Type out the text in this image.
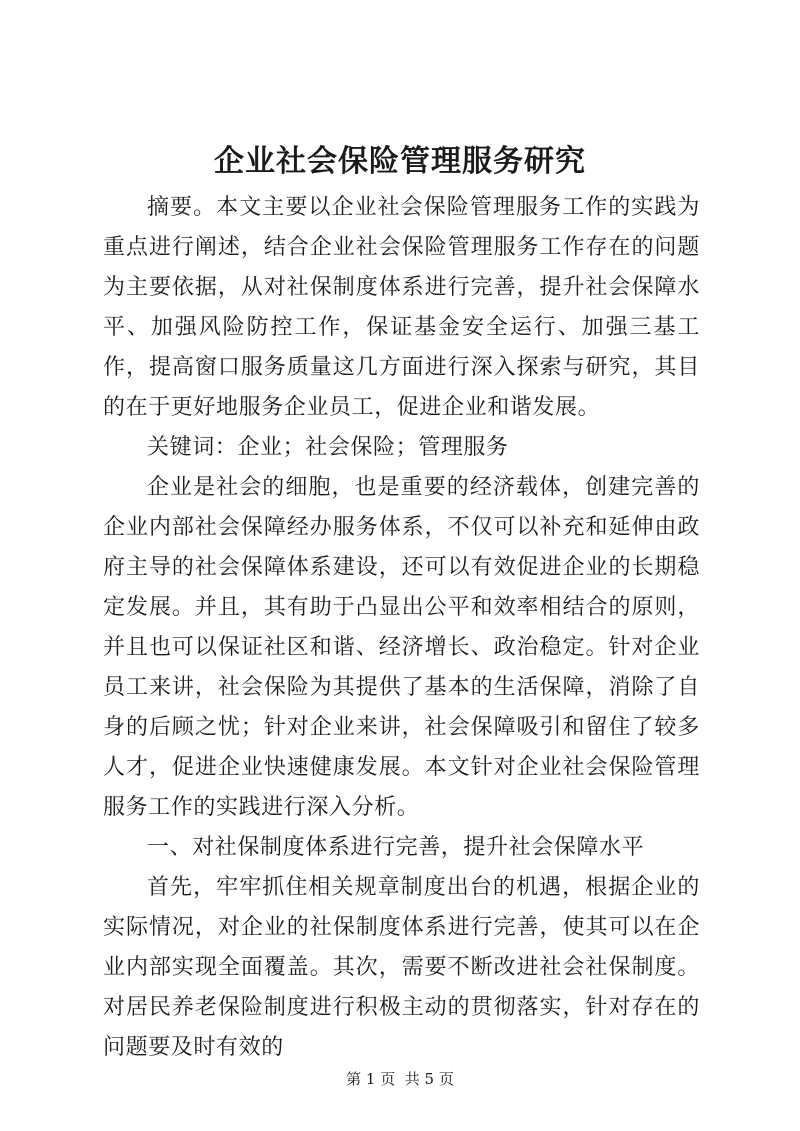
企业社会保险管理服务研究

摘要。本文主要以企业社会保险管理服务工作的实践为重点进行阐述，结合企业社会保险管理服务工作存在的问题为主要依据，从对社保制度体系进行完善，提升社会保障水平、加强风险防控工作，保证基金安全运行、加强三基工作，提高窗口服务质量这几方面进行深入探索与研究，其目的在于更好地服务企业员工，促进企业和谐发展。

关键词：企业；社会保险；管理服务

企业是社会的细胞，也是重要的经济载体，创建完善的企业内部社会保障经办服务体系，不仅可以补充和延伸由政府主导的社会保障体系建设，还可以有效促进企业的长期稳定发展。并且，其有助于凸显出公平和效率相结合的原则，并且也可以保证社区和谐、经济增长、政治稳定。针对企业员工来讲，社会保险为其提供了基本的生活保障，消除了自身的后顾之忧；针对企业来讲，社会保障吸引和留住了较多人才，促进企业快速健康发展。本文针对企业社会保险管理服务工作的实践进行深入分析。

一、对社保制度体系进行完善，提升社会保障水平

首先，牢牢抓住相关规章制度出台的机遇，根据企业的实际情况，对企业的社保制度体系进行完善，使其可以在企业内部实现全面覆盖。其次，需要不断改进社会社保制度。对居民养老保险制度进行积极主动的贯彻落实，针对存在的问题要及时有效的

第 1 页 共 5 页
